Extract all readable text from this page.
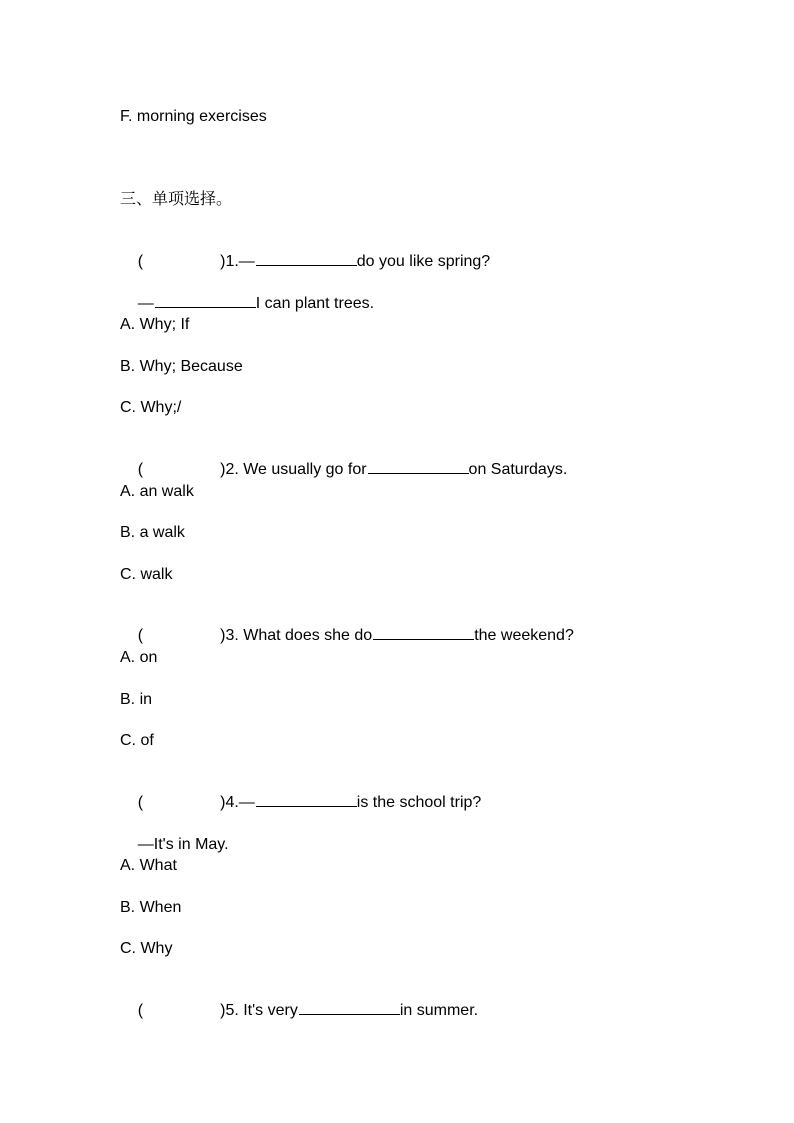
F. morning exercises
三、单项选择。

(	)1.—	do you like spring?

—	I can plant trees.

A. Why; If
B. Why; Because
C. Why;/

(	)2. We usually go for	on Saturdays.

A. an walk
B. a walk
C. walk

(	)3. What does she do	the weekend?

A. on
B. in
C. of

(	)4.—	is the school trip?

—It's in May.

A. What
B. When
C. Why

(	)5. It's very	in summer.
